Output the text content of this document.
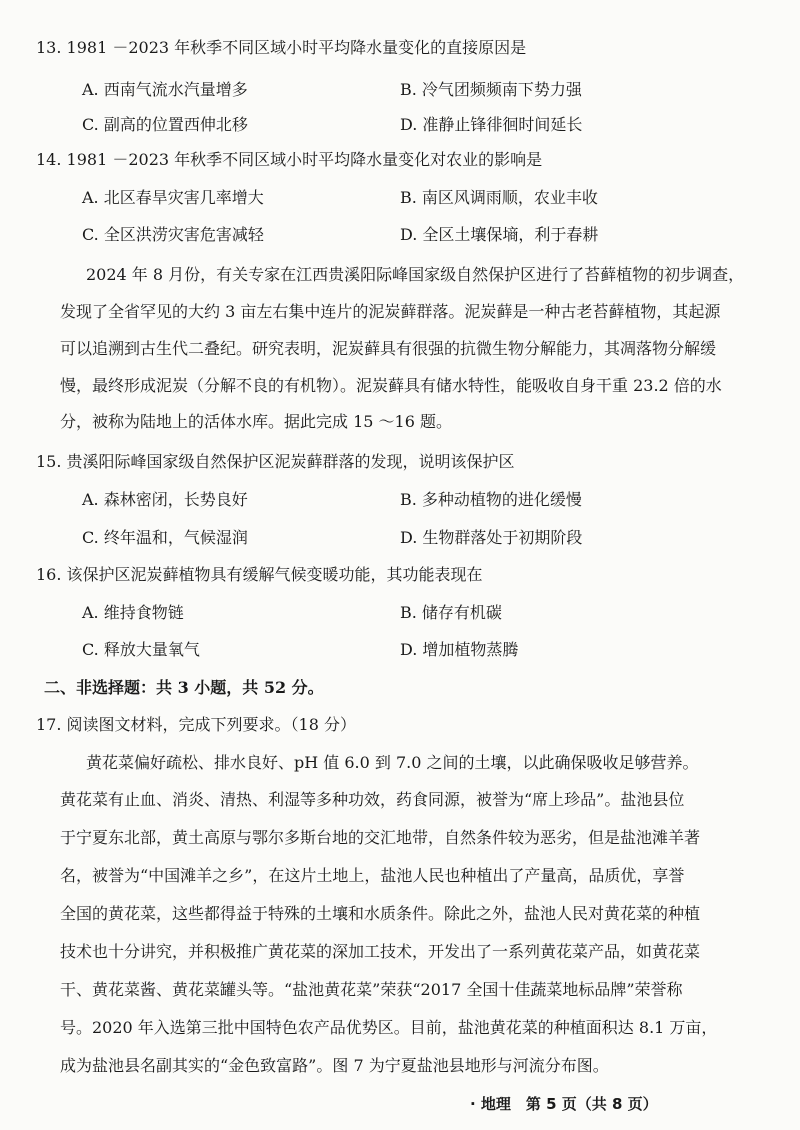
13. 1981 －2023 年秋季不同区域小时平均降水量变化的直接原因是
A. 西南气流水汽量增多	B. 冷气团频频南下势力强
C. 副高的位置西伸北移	D. 准静止锋徘徊时间延长
14. 1981 －2023 年秋季不同区域小时平均降水量变化对农业的影响是
A. 北区春旱灾害几率增大	B. 南区风调雨顺，农业丰收
C. 全区洪涝灾害危害减轻	D. 全区土壤保墒，利于春耕
2024 年 8 月份，有关专家在江西贵溪阳际峰国家级自然保护区进行了苔藓植物的初步调查，
发现了全省罕见的大约 3 亩左右集中连片的泥炭藓群落。泥炭藓是一种古老苔藓植物，其起源
可以追溯到古生代二叠纪。研究表明，泥炭藓具有很强的抗微生物分解能力，其凋落物分解缓
慢，最终形成泥炭（分解不良的有机物）。泥炭藓具有储水特性，能吸收自身干重 23.2 倍的水
分，被称为陆地上的活体水库。据此完成 15 ～16 题。
15. 贵溪阳际峰国家级自然保护区泥炭藓群落的发现，说明该保护区
A. 森林密闭，长势良好	B. 多种动植物的进化缓慢
C. 终年温和，气候湿润	D. 生物群落处于初期阶段
16. 该保护区泥炭藓植物具有缓解气候变暖功能，其功能表现在
A. 维持食物链	B. 储存有机碳
C. 释放大量氧气	D. 增加植物蒸腾
二、非选择题：共 3 小题，共 52 分。
17. 阅读图文材料，完成下列要求。（18 分）
黄花菜偏好疏松、排水良好、pH 值 6.0 到 7.0 之间的土壤，以此确保吸收足够营养。
黄花菜有止血、消炎、清热、利湿等多种功效，药食同源，被誉为“席上珍品”。盐池县位
于宁夏东北部，黄土高原与鄂尔多斯台地的交汇地带，自然条件较为恶劣，但是盐池滩羊著
名，被誉为“中国滩羊之乡”，在这片土地上，盐池人民也种植出了产量高，品质优，享誉
全国的黄花菜，这些都得益于特殊的土壤和水质条件。除此之外，盐池人民对黄花菜的种植
技术也十分讲究，并积极推广黄花菜的深加工技术，开发出了一系列黄花菜产品，如黄花菜
干、黄花菜酱、黄花菜罐头等。“盐池黄花菜”荣获“2017 全国十佳蔬菜地标品牌”荣誉称
号。2020 年入选第三批中国特色农产品优势区。目前，盐池黄花菜的种植面积达 8.1 万亩，
成为盐池县名副其实的“金色致富路”。图 7 为宁夏盐池县地形与河流分布图。
· 地理　第 5 页（共 8 页）
